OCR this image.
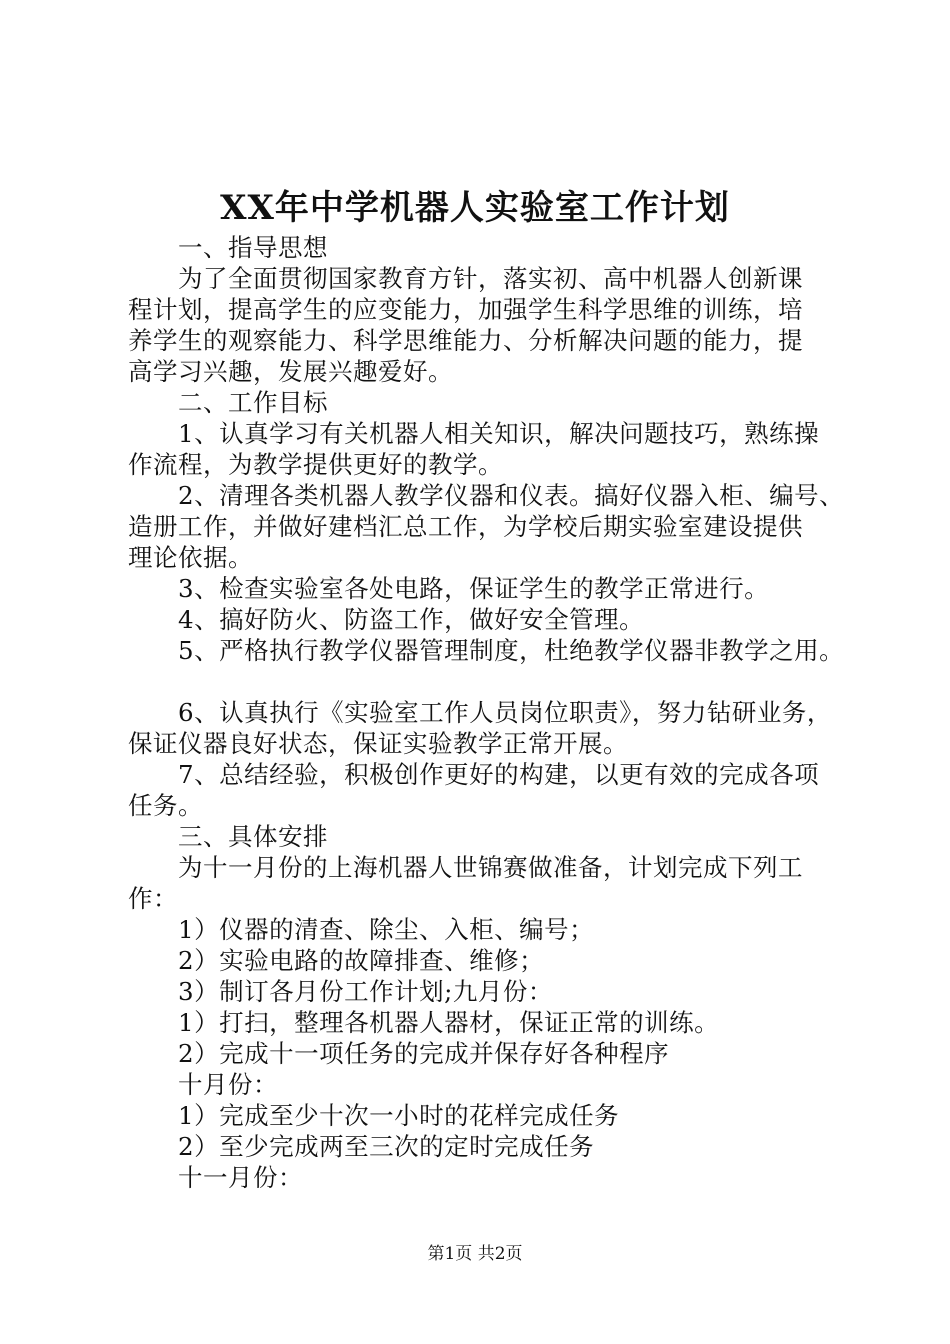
XX年中学机器人实验室工作计划
一、指导思想
为了全面贯彻国家教育方针，落实初、高中机器人创新课
程计划，提高学生的应变能力，加强学生科学思维的训练，培
养学生的观察能力、科学思维能力、分析解决问题的能力，提
高学习兴趣，发展兴趣爱好。
二、工作目标
1、认真学习有关机器人相关知识，解决问题技巧，熟练操
作流程，为教学提供更好的教学。
2、清理各类机器人教学仪器和仪表。搞好仪器入柜、编号、
造册工作，并做好建档汇总工作，为学校后期实验室建设提供
理论依据。
3、检查实验室各处电路，保证学生的教学正常进行。
4、搞好防火、防盗工作，做好安全管理。
5、严格执行教学仪器管理制度，杜绝教学仪器非教学之用。
6、认真执行《实验室工作人员岗位职责》，努力钻研业务，
保证仪器良好状态，保证实验教学正常开展。
7、总结经验，积极创作更好的构建，以更有效的完成各项
任务。
三、具体安排
为十一月份的上海机器人世锦赛做准备，计划完成下列工
作：
1）仪器的清查、除尘、入柜、编号；
2）实验电路的故障排查、维修；
3）制订各月份工作计划;九月份：
1）打扫，整理各机器人器材，保证正常的训练。
2）完成十一项任务的完成并保存好各种程序
十月份：
1）完成至少十次一小时的花样完成任务
2）至少完成两至三次的定时完成任务
十一月份：
第1页 共2页
